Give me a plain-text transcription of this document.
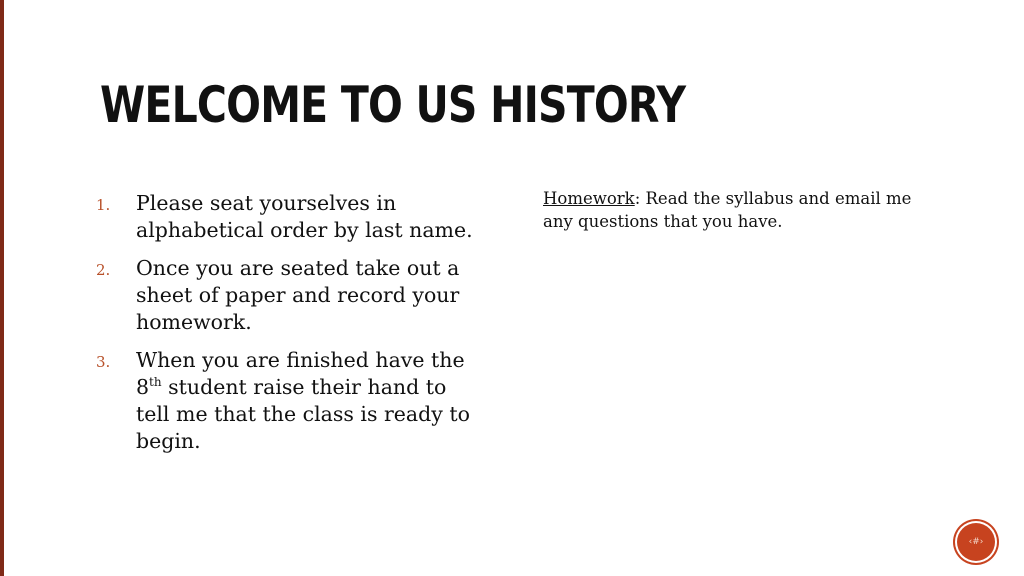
WELCOME TO US HISTORY
1. Please seat yourselves in alphabetical order by last name.
2. Once you are seated take out a sheet of paper and record your homework.
3. When you are finished have the 8th student raise their hand to tell me that the class is ready to begin.

Homework: Read the syllabus and email me any questions that you have.

‹#›
